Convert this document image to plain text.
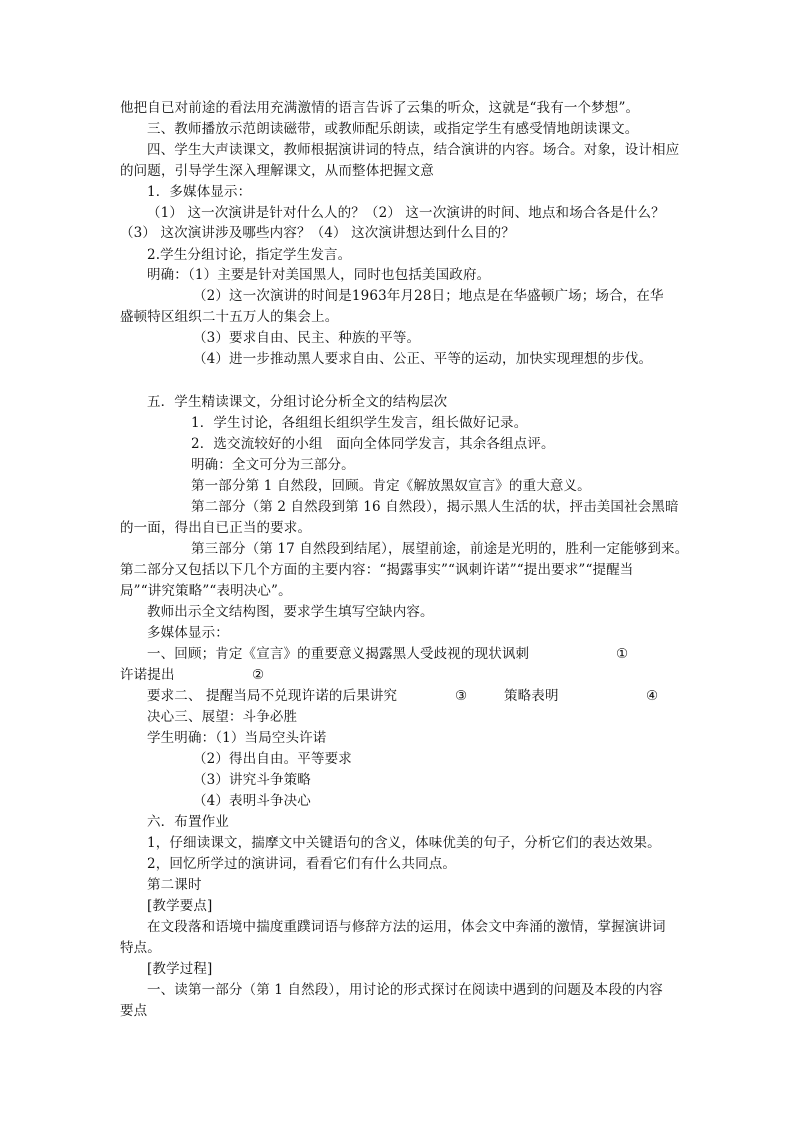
他把自已对前途的看法用充满激情的语言告诉了云集的听众，这就是“我有一个梦想”。
三、教师播放示范朗读磁带，或教师配乐朗读，或指定学生有感受情地朗读课文。
四、学生大声读课文，教师根据演讲词的特点，结合演讲的内容。场合。对象，设计相应
的问题，引导学生深入理解课文，从而整体把握文意
1．多媒体显示：
（1） 这一次演讲是针对什么人的？（2） 这一次演讲的时间、地点和场合各是什么？
（3） 这次演讲涉及哪些内容？（4） 这次演讲想达到什么目的？
2.学生分组讨论，指定学生发言。
明确：（1）主要是针对美国黑人，同时也包括美国政府。
（2）这一次演讲的时间是1963年月28日；地点是在华盛顿广场；场合，在华
盛顿特区组织二十五万人的集会上。
（3）要求自由、民主、种族的平等。
（4）进一步推动黑人要求自由、公正、平等的运动，加快实现理想的步伐。
五．学生精读课文，分组讨论分析全文的结构层次
1．学生讨论，各组组长组织学生发言，组长做好记录。
2．选交流较好的小组　面向全体同学发言，其余各组点评。
明确：全文可分为三部分。
第一部分第 1 自然段，回顾。肯定《解放黑奴宣言》的重大意义。
第二部分（第 2 自然段到第 16 自然段），揭示黑人生活的状，抨击美国社会黑暗
的一面，得出自已正当的要求。
第三部分（第 17 自然段到结尾），展望前途，前途是光明的，胜利一定能够到来。
第二部分又包括以下几个方面的主要内容：“揭露事实”“讽刺许诺”“提出要求”“提醒当
局”“讲究策略”“表明决心”。
教师出示全文结构图，要求学生填写空缺内容。
多媒体显示：
一、回顾；肯定《宣言》的重要意义揭露黑人受歧视的现状讽刺	①
许诺提出	②
要求二、 提醒当局不兑现许诺的后果讲究	③	策略表明	④
决心三、展望：斗争必胜
学生明确：（1）当局空头许诺
（2）得出自由。平等要求
（3）讲究斗争策略
（4）表明斗争决心
六．布置作业
1，仔细读课文，揣摩文中关键语句的含义，体味优美的句子，分析它们的表达效果。
2，回忆所学过的演讲词，看看它们有什么共同点。
第二课时
[教学要点]
在文段落和语境中揣度重蹼词语与修辞方法的运用，体会文中奔涌的激情，掌握演讲词
特点。
[教学过程]
一、读第一部分（第 1 自然段），用讨论的形式探讨在阅读中遇到的问题及本段的内容
要点
